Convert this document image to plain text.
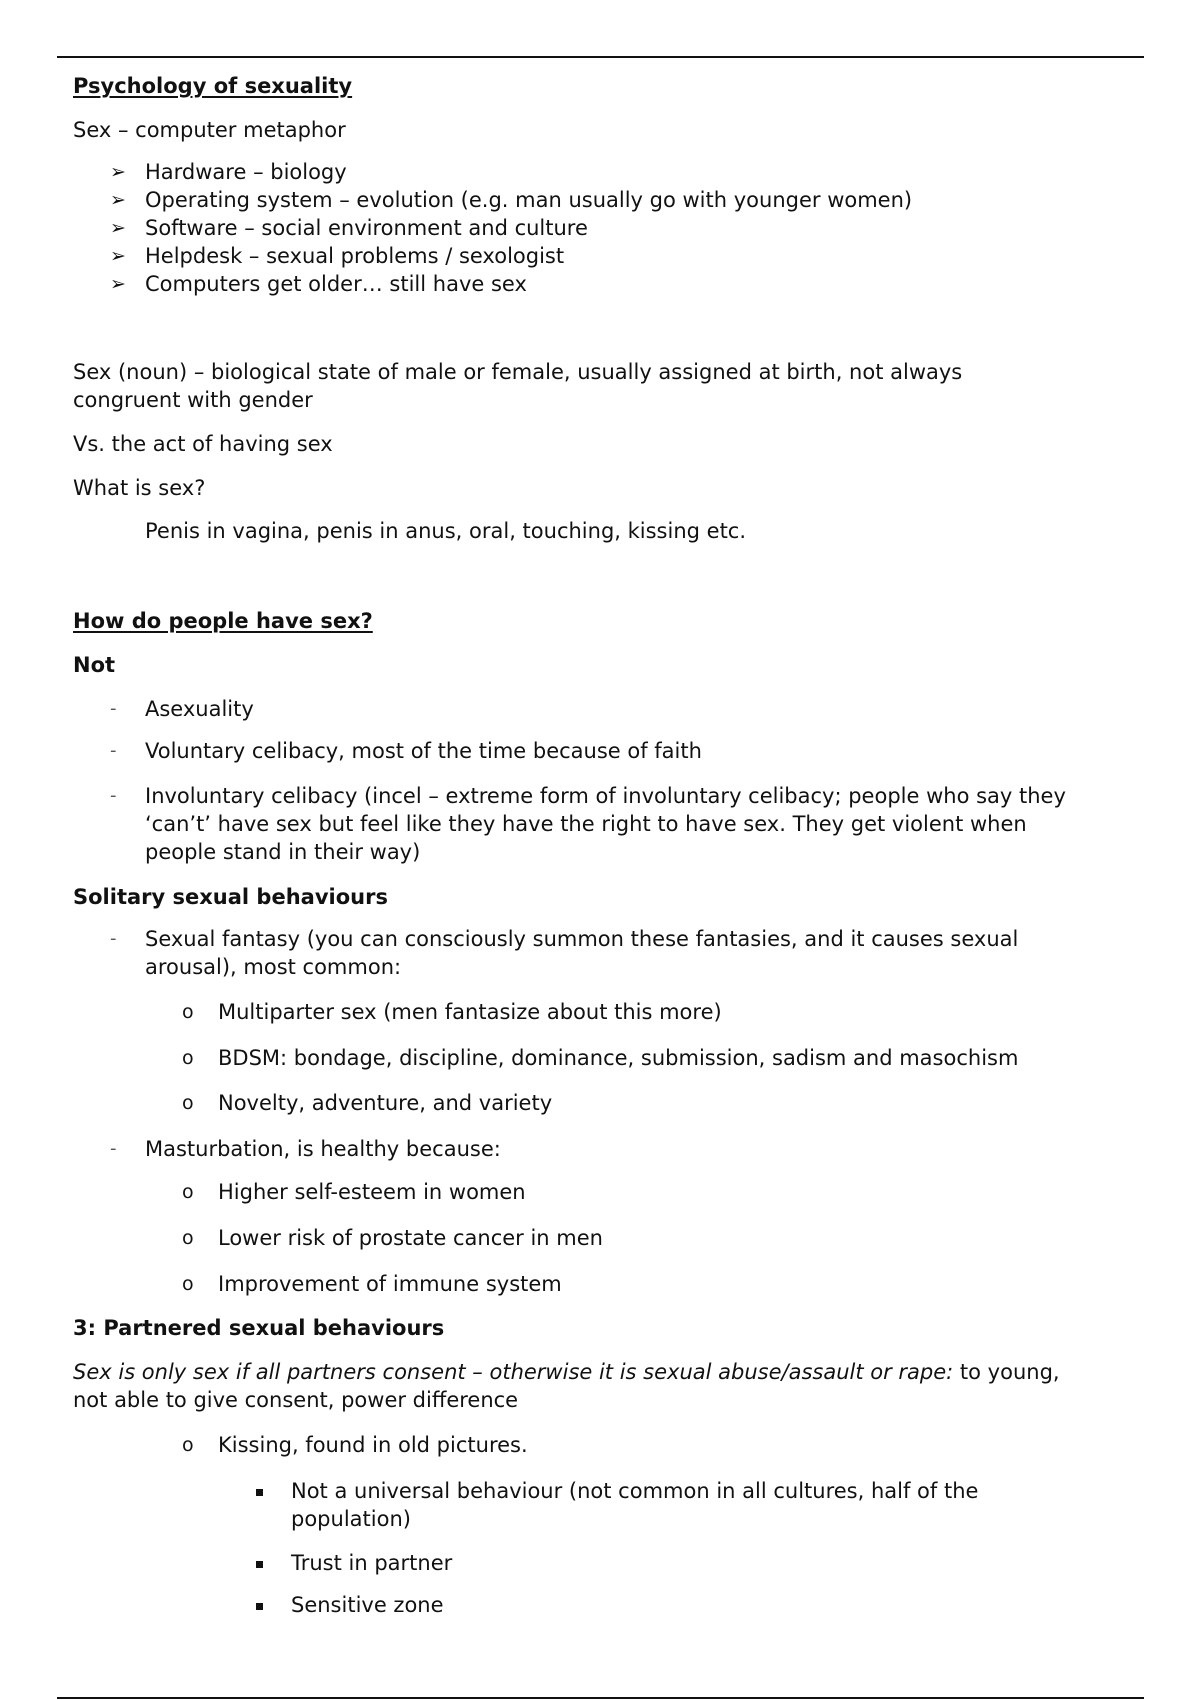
Psychology of sexuality
Sex – computer metaphor
➢ Hardware – biology
➢ Operating system – evolution (e.g. man usually go with younger women)
➢ Software – social environment and culture
➢ Helpdesk – sexual problems / sexologist
➢ Computers get older… still have sex
Sex (noun) – biological state of male or female, usually assigned at birth, not always
congruent with gender
Vs. the act of having sex
What is sex?
Penis in vagina, penis in anus, oral, touching, kissing etc.
How do people have sex?
Not
- Asexuality
- Voluntary celibacy, most of the time because of faith
- Involuntary celibacy (incel – extreme form of involuntary celibacy; people who say they
‘can’t’ have sex but feel like they have the right to have sex. They get violent when
people stand in their way)
Solitary sexual behaviours
- Sexual fantasy (you can consciously summon these fantasies, and it causes sexual
arousal), most common:
o Multiparter sex (men fantasize about this more)
o BDSM: bondage, discipline, dominance, submission, sadism and masochism
o Novelty, adventure, and variety
- Masturbation, is healthy because:
o Higher self-esteem in women
o Lower risk of prostate cancer in men
o Improvement of immune system
3: Partnered sexual behaviours
Sex is only sex if all partners consent – otherwise it is sexual abuse/assault or rape: to young,
not able to give consent, power difference
o Kissing, found in old pictures.
Not a universal behaviour (not common in all cultures, half of the
population)
Trust in partner
Sensitive zone
